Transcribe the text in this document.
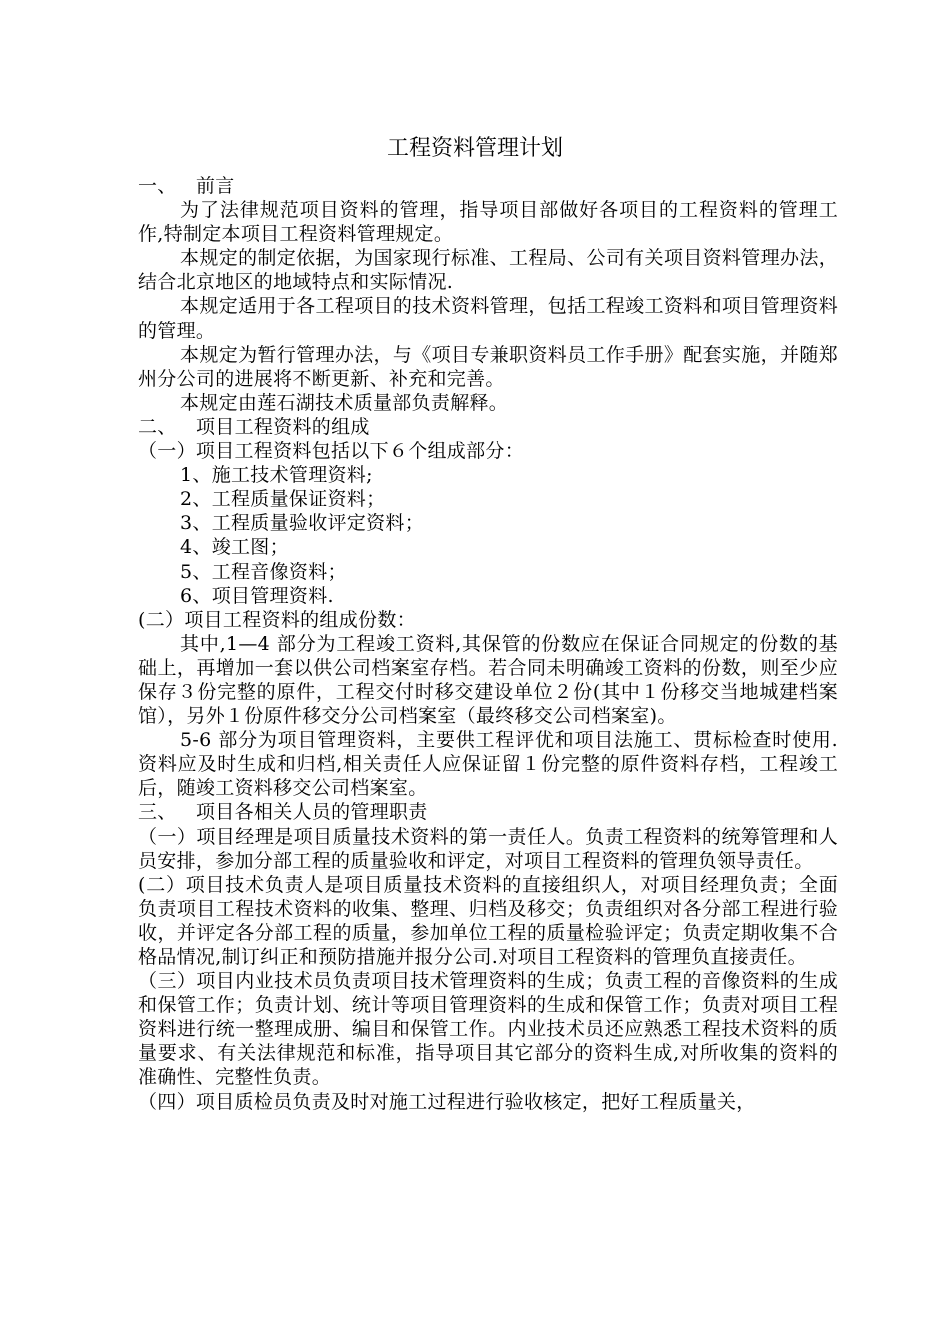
工程资料管理计划

一、 前言

为了法律规范项目资料的管理，指导项目部做好各项目的工程资料的管理工作,特制定本项目工程资料管理规定。

本规定的制定依据，为国家现行标准、工程局、公司有关项目资料管理办法，结合北京地区的地域特点和实际情况.

本规定适用于各工程项目的技术资料管理，包括工程竣工资料和项目管理资料的管理。

本规定为暂行管理办法，与《项目专兼职资料员工作手册》配套实施，并随郑州分公司的进展将不断更新、补充和完善。

本规定由莲石湖技术质量部负责解释。

二、 项目工程资料的组成

（一）项目工程资料包括以下６个组成部分：

1、施工技术管理资料;

2、工程质量保证资料；

3、工程质量验收评定资料；

4、竣工图；

5、工程音像资料；

6、项目管理资料.

(二）项目工程资料的组成份数：

其中,1—4 部分为工程竣工资料,其保管的份数应在保证合同规定的份数的基础上，再增加一套以供公司档案室存档。若合同未明确竣工资料的份数，则至少应保存３份完整的原件，工程交付时移交建设单位２份(其中１份移交当地城建档案馆），另外１份原件移交分公司档案室（最终移交公司档案室)。

5-6 部分为项目管理资料，主要供工程评优和项目法施工、贯标检查时使用.资料应及时生成和归档,相关责任人应保证留１份完整的原件资料存档，工程竣工后，随竣工资料移交公司档案室。

三、 项目各相关人员的管理职责

（一）项目经理是项目质量技术资料的第一责任人。负责工程资料的统筹管理和人员安排，参加分部工程的质量验收和评定，对项目工程资料的管理负领导责任。

(二）项目技术负责人是项目质量技术资料的直接组织人，对项目经理负责；全面负责项目工程技术资料的收集、整理、归档及移交；负责组织对各分部工程进行验收，并评定各分部工程的质量，参加单位工程的质量检验评定；负责定期收集不合格品情况,制订纠正和预防措施并报分公司.对项目工程资料的管理负直接责任。

（三）项目内业技术员负责项目技术管理资料的生成；负责工程的音像资料的生成和保管工作；负责计划、统计等项目管理资料的生成和保管工作；负责对项目工程资料进行统一整理成册、编目和保管工作。内业技术员还应熟悉工程技术资料的质量要求、有关法律规范和标准，指导项目其它部分的资料生成,对所收集的资料的准确性、完整性负责。

（四）项目质检员负责及时对施工过程进行验收核定，把好工程质量关，
